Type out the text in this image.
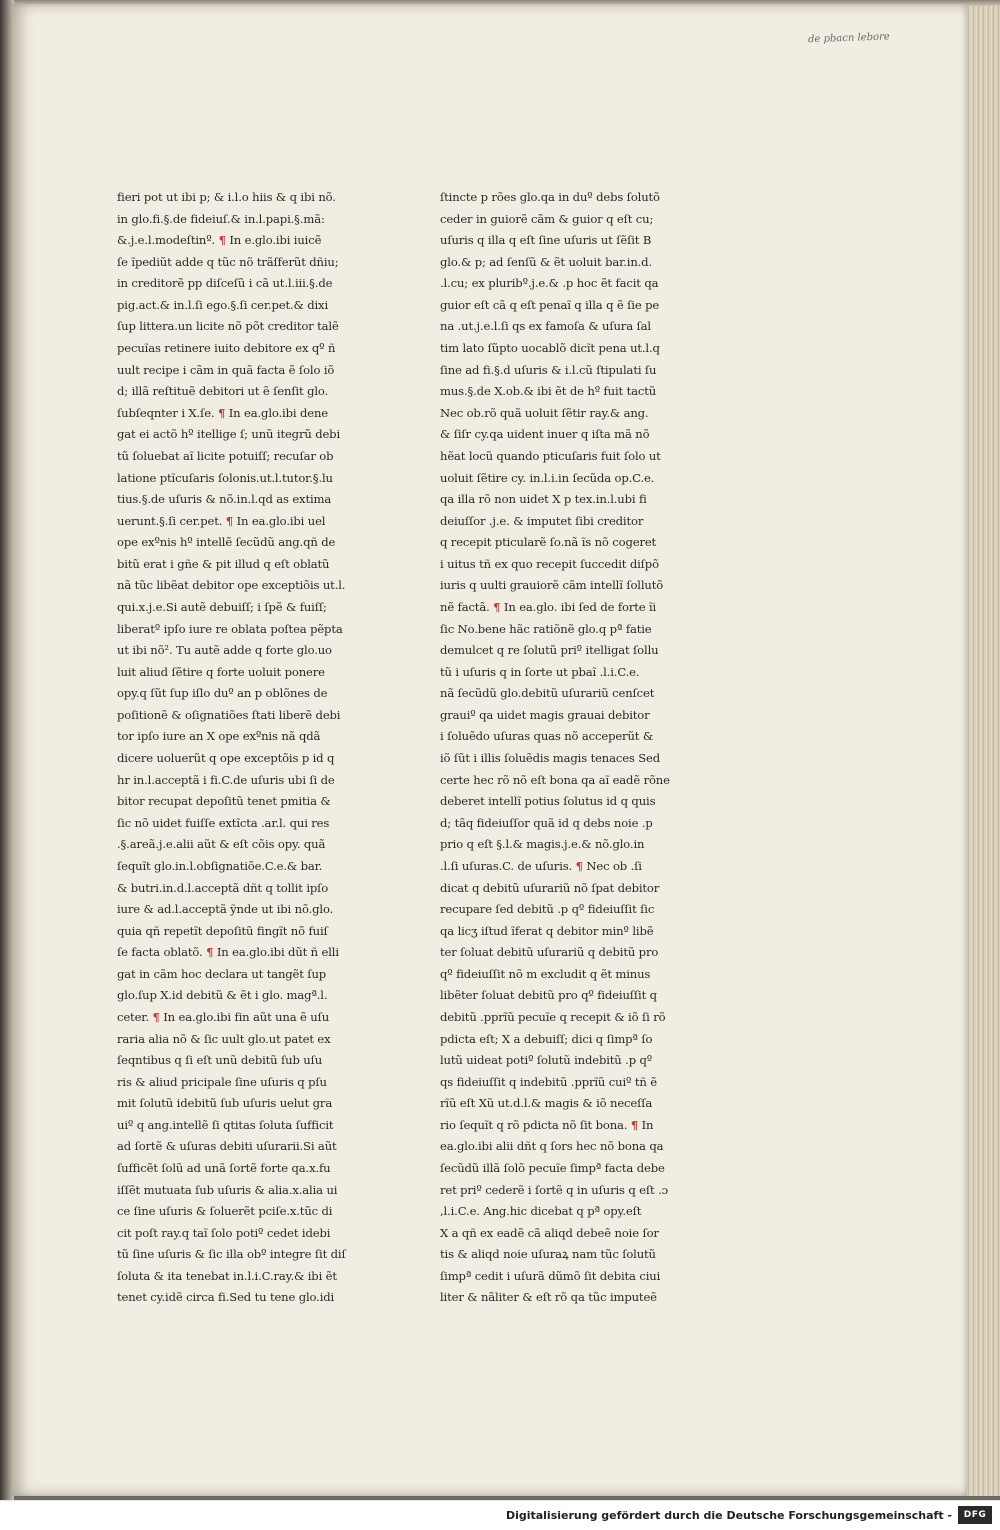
de pbacn lebore
fieri pot ut ibi p; & i.l.o hiis & q ibi nõ.
in glo.fi.§.de fideiuſ.& in.l.papi.§.mã:
&.j.e.l.modeſtinº. ¶ In e.glo.ibi iuicẽ
ſe ĩpediũt adde q tũc nõ trãſferũt dñiu;
in creditorẽ pp diſceſũ i cã ut.l.iii.§.de
pig.act.& in.l.ſi ego.§.ſi cer.pet.& dixi
ſup littera.un licite nõ põt creditor talẽ
pecuĩas retinere iuito debitore ex qº ñ
uult recipe i cãm in quã facta ẽ ſolo iõ
d; illã reſtituẽ debitori ut ẽ ſenſit glo.
ſubſeqnter i X.ſe. ¶ In ea.glo.ibi dene
gat ei actõ hº itellige ſ; unũ itegrũ debi
tũ ſoluebat aĩ licite potuiſſ; recuſar ob
latione ptĩcuſaris ſolonis.ut.l.tutor.§.lu
tius.§.de uſuris & nõ.in.l.qd as extima
uerunt.§.ſi cer.pet. ¶ In ea.glo.ibi uel
ope exºnis hº intellẽ ſecũdũ ang.qñ de
bitũ erat i gñe & pit illud q eſt oblatũ
nã tũc libẽat debitor ope exceptiõis ut.l.
qui.x.j.e.Si autẽ debuiſſ; i ſpẽ & fuiſſ;
liberatº ipſo iure re oblata poſtea pẽpta
ut ibi nõ². Tu autẽ adde q forte glo.uo
luit aliud ſẽtire q forte uoluit ponere
opy.q ſũt ſup iſlo duº an p oblõnes de
poſitionẽ & oſignatiões ſtati liberẽ debi
tor ipſo iure an X ope exºnis nã qdã
dicere uoluerũt q ope exceptõis p id q
hr in.l.acceptã i fi.C.de uſuris ubi ſi de
bitor recupat depoſitũ tenet pmitia &
ſic nõ uidet fuiſſe extĩcta .ar.l. qui res
.§.areã.j.e.alii aũt & eſt cõis opy. quã
ſequĩt glo.in.l.obſignatiõe.C.e.& bar.
& butri.in.d.l.acceptã dñt q tollit ipſo
iure & ad.l.acceptã ỹnde ut ibi nõ.glo.
quia qñ repetĩt depoſitũ fingĩt nõ fuiſ
ſe facta oblatõ. ¶ In ea.glo.ibi dũt ñ elli
gat in cãm hoc declara ut tangẽt ſup
glo.ſup X.id debitũ & ẽt i glo. magª.l.
ceter. ¶ In ea.glo.ibi fin aũt una ẽ uſu
raria alia nõ & ſic uult glo.ut patet ex
ſeqntibus q ſi eſt unũ debitũ ſub uſu
ris & aliud pricipale ſine uſuris q pſu
mit ſolutũ idebitũ ſub uſuris uelut gra
uiº q ang.intellẽ ſi qtitas ſoluta ſufficit
ad ſortẽ & uſuras debiti uſurarii.Si aũt
ſufficẽt ſolũ ad unã ſortẽ forte qa.x.fu
iſſẽt mutuata ſub uſuris & alia.x.alia ui
ce ſine uſuris & ſoluerẽt pciſe.x.tũc di
cit poſt ray.q taĩ ſolo potiº cedet idebi
tũ ſine uſuris & ſic illa obº integre ſit diſ
ſoluta & ita tenebat in.l.i.C.ray.& ibi ẽt
tenet cy.idẽ circa fi.Sed tu tene glo.idi
ſtincte p rões glo.qa in duº debs ſolutõ
ceder in guiorẽ cãm & guior q eſt cu;
uſuris q illa q eſt ſine uſuris ut ſẽſit B
glo.& p; ad ſenſũ & ẽt uoluit bar.in.d.
.l.cu; ex pluribº.j.e.& .p hoc ẽt facit qa
guior eſt cã q eſt penaĩ q illa q ẽ ſie pe
na .ut.j.e.l.ſi qs ex famoſa & uſura ſal
tim lato ſũpto uocablõ dicĩt pena ut.l.q
ſine ad fi.§.d uſuris & i.l.cũ ſtipulati ſu
mus.§.de X.ob.& ibi ẽt de hº fuit tactũ
Nec ob.rõ quã uoluit ſẽtir ray.& ang.
& ſiſr cy.qa uident inuer q iſta mã nõ
hẽat locũ quando pticuſaris fuit ſolo ut
uoluit ſẽtire cy. in.l.i.in ſecũda op.C.e.
qa illa rõ non uidet X p tex.in.l.ubi fi
deiuſſor .j.e. & imputet ſibi creditor
q recepit pticularẽ ſo.nã ĩs nõ cogeret
i uitus tñ ex quo recepit ſuccedit diſpõ
iuris q uulti grauiorẽ cãm intellĩ ſollutõ
nẽ factã. ¶ In ea.glo. ibi ſed de forte ĩi
ſic No.bene hãc ratiõnẽ glo.q pª fatie
demulcet q re ſolutũ priº itelligat ſollu
tũ i uſuris q in ſorte ut pbaĩ .l.i.C.e.
nã ſecũdũ glo.debitũ uſurariũ cenſcet
grauiº qa uidet magis grauai debitor
i ſoluẽdo uſuras quas nõ acceperũt &
iõ ſũt i illis ſoluẽdis magis tenaces Sed
certe hec rõ nõ eſt bona qa aĩ eadẽ rõne
deberet intellĩ potius ſolutus id q quis
d; tãq fideiuſſor quã id q debs noie .p
prio q eſt §.l.& magis.j.e.& nõ.glo.in
.l.ſi uſuras.C. de uſuris. ¶ Nec ob .ſi
dicat q debitũ uſurariũ nõ ſpat debitor
recupare ſed debitũ .p qº fideiuſſit ſic
qa licʒ iſtud ĩferat q debitor minº libẽ
ter ſoluat debitũ uſurariũ q debitũ pro
qº fideiuſſit nõ m excludit q ẽt minus
libẽter ſoluat debitũ pro qº fideiuſſit q
debitũ .pprĩũ pecuĩe q recepit & iõ ſi rõ
pdicta eſt; X a debuiſſ; dici q ſimpª ſo
lutũ uideat potiº ſolutũ indebitũ .p qº
qs fideiuſſit q indebitũ .pprĩũ cuiº tñ ẽ
rĩũ eſt Xũ ut.d.l.& magis & iõ neceſſa
rio ſequĩt q rõ pdicta nõ ſit bona. ¶ In
ea.glo.ibi alii dñt q ſors hec nõ bona qa
ſecũdũ illã ſolõ pecuĩe ſimpª facta debe
ret priº cederẽ i ſortẽ q in uſuris q eſt .ɔ
,l.i.C.e. Ang.hic dicebat q pª opy.eſt
X a qñ ex eadẽ cã aliqd debeẽ noie ſor
tis & aliqd noie uſuraꝝ nam tũc ſolutũ
ſimpª cedit i uſurã dũmõ ſit debita ciui
liter & nãliter & eſt rõ qa tũc imputeẽ
Digitalisierung gefördert durch die Deutsche Forschungsgemeinschaft -	DFG
